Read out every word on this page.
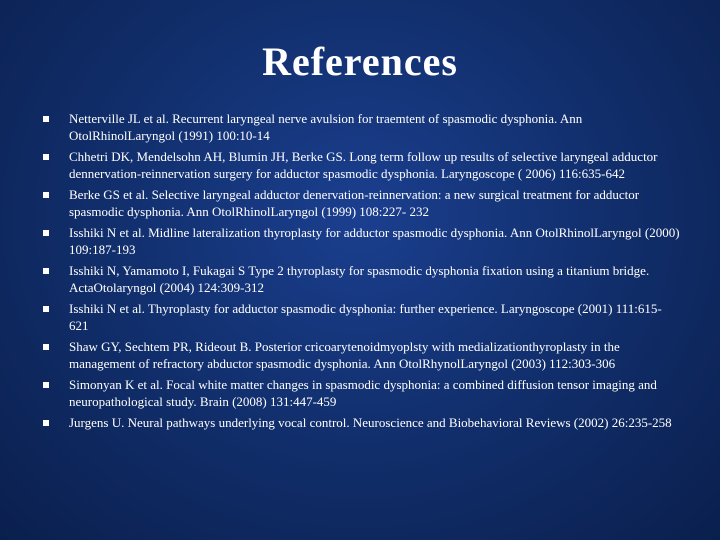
References
Netterville JL et al. Recurrent laryngeal nerve avulsion for traemtent of spasmodic dysphonia. Ann OtolRhinolLaryngol (1991) 100:10-14
Chhetri DK, Mendelsohn AH, Blumin JH, Berke GS. Long term follow up results of selective laryngeal adductor dennervation-reinnervation surgery for adductor spasmodic dysphonia. Laryngoscope ( 2006) 116:635-642
Berke GS et al. Selective laryngeal adductor denervation-reinnervation: a new surgical treatment for adductor spasmodic dysphonia. Ann OtolRhinolLaryngol (1999) 108:227- 232
Isshiki N et al. Midline lateralization thyroplasty for adductor spasmodic dysphonia. Ann OtolRhinolLaryngol (2000) 109:187-193
Isshiki N, Yamamoto I, Fukagai S Type 2 thyroplasty for spasmodic dysphonia fixation using a titanium bridge. ActaOtolaryngol (2004) 124:309-312
Isshiki N et al. Thyroplasty for adductor spasmodic dysphonia: further experience. Laryngoscope (2001) 111:615-621
Shaw GY, Sechtem PR, Rideout B. Posterior cricoarytenoidmyoplsty with medializationthyroplasty in the management of refractory abductor spasmodic dysphonia. Ann OtolRhynolLaryngol (2003) 112:303-306
Simonyan K et al. Focal white matter changes in spasmodic dysphonia: a combined diffusion tensor imaging and neuropathological study. Brain (2008) 131:447-459
Jurgens U. Neural pathways underlying vocal control. Neuroscience and Biobehavioral Reviews (2002) 26:235-258
